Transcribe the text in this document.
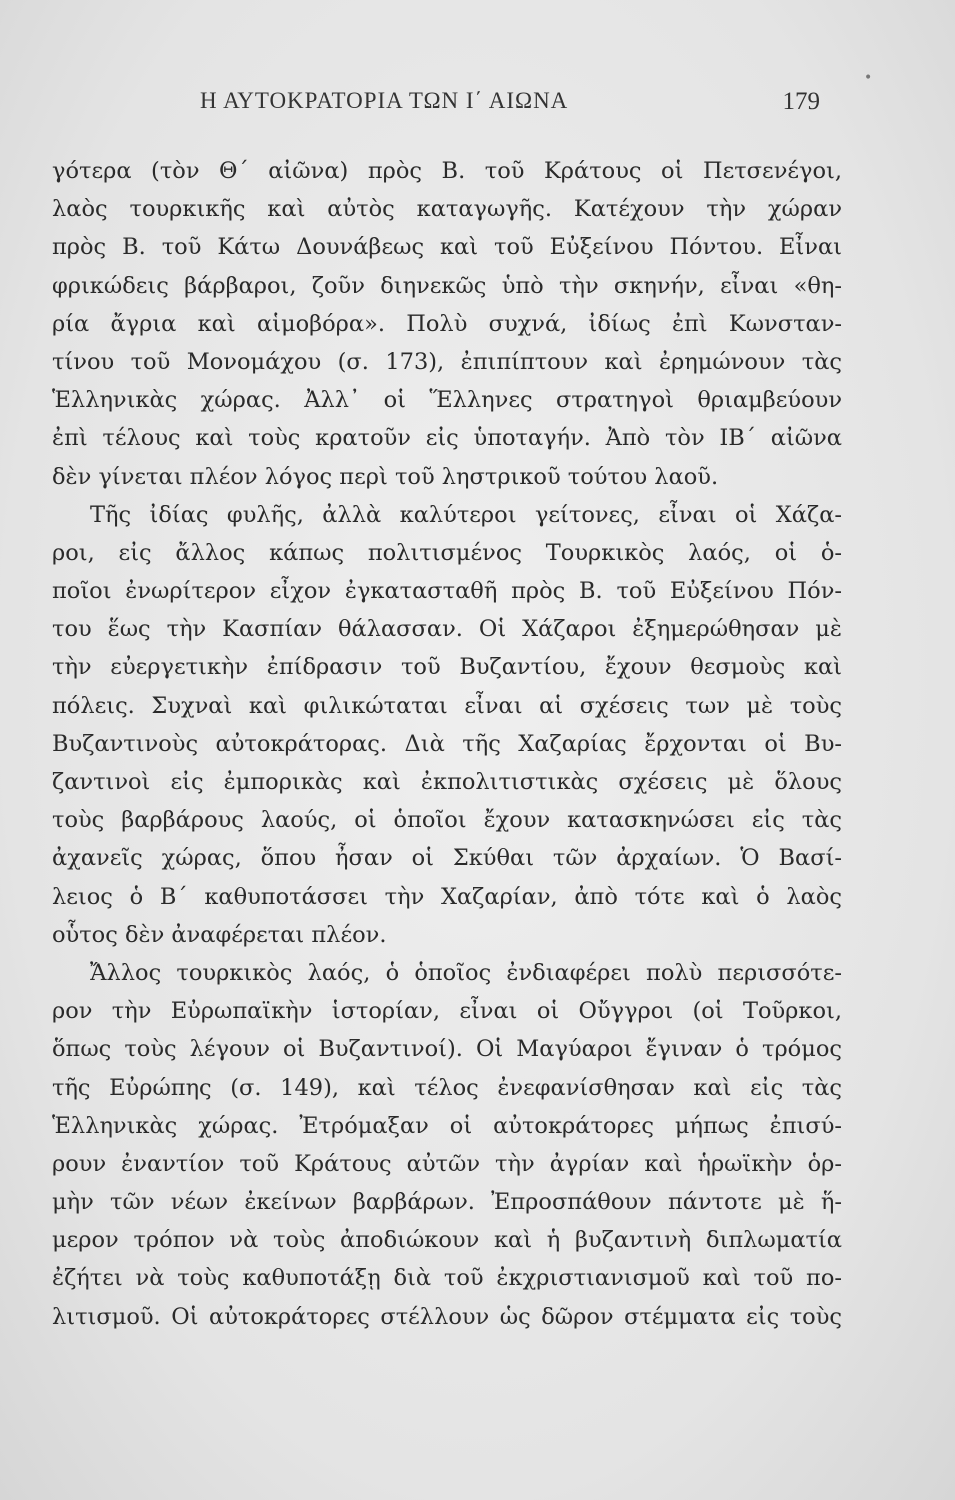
•
Η ΑΥΤΟΚΡΑΤΟΡΙΑ ΤΩΝ Ι΄ ΑΙΩΝΑ	179
γότερα (τὸν Θ΄ αἰῶνα) πρὸς Β. τοῦ Κράτους οἱ Πετσενέγοι,
λαὸς τουρκικῆς καὶ αὐτὸς καταγωγῆς. Κατέχουν τὴν χώραν
πρὸς Β. τοῦ Κάτω Δουνάβεως καὶ τοῦ Εὐξείνου Πόντου. Εἶναι
φρικώδεις βάρβαροι, ζοῦν διηνεκῶς ὑπὸ τὴν σκηνήν, εἶναι «θη-
ρία ἄγρια καὶ αἱμοβόρα». Πολὺ συχνά, ἰδίως ἐπὶ Κωνσταν-
τίνου τοῦ Μονομάχου (σ. 173), ἐπιπίπτουν καὶ ἐρημώνουν τὰς
Ἑλληνικὰς χώρας. Ἀλλ᾽ οἱ Ἕλληνες στρατηγοὶ θριαμβεύουν
ἐπὶ τέλους καὶ τοὺς κρατοῦν εἰς ὑποταγήν. Ἀπὸ τὸν ΙΒ΄ αἰῶνα
δὲν γίνεται πλέον λόγος περὶ τοῦ ληστρικοῦ τούτου λαοῦ.
Τῆς ἰδίας φυλῆς, ἀλλὰ καλύτεροι γείτονες, εἶναι οἱ Χάζα-
ροι, εἰς ἄλλος κάπως πολιτισμένος Τουρκικὸς λαός, οἱ ὁ-
ποῖοι ἐνωρίτερον εἶχον ἐγκατασταθῆ πρὸς Β. τοῦ Εὐξείνου Πόν-
του ἕως τὴν Κασπίαν θάλασσαν. Οἱ Χάζαροι ἐξημερώθησαν μὲ
τὴν εὐεργετικὴν ἐπίδρασιν τοῦ Βυζαντίου, ἔχουν θεσμοὺς καὶ
πόλεις. Συχναὶ καὶ φιλικώταται εἶναι αἱ σχέσεις των μὲ τοὺς
Βυζαντινοὺς αὐτοκράτορας. Διὰ τῆς Χαζαρίας ἔρχονται οἱ Βυ-
ζαντινοὶ εἰς ἐμπορικὰς καὶ ἐκπολιτιστικὰς σχέσεις μὲ ὅλους
τοὺς βαρβάρους λαούς, οἱ ὁποῖοι ἔχουν κατασκηνώσει εἰς τὰς
ἀχανεῖς χώρας, ὅπου ἦσαν οἱ Σκύθαι τῶν ἀρχαίων. Ὁ Βασί-
λειος ὁ Β΄ καθυποτάσσει τὴν Χαζαρίαν, ἀπὸ τότε καὶ ὁ λαὸς
οὗτος δὲν ἀναφέρεται πλέον.
Ἄλλος τουρκικὸς λαός, ὁ ὁποῖος ἐνδιαφέρει πολὺ περισσότε-
ρον τὴν Εὐρωπαϊκὴν ἱστορίαν, εἶναι οἱ Οὔγγροι (οἱ Τοῦρκοι,
ὅπως τοὺς λέγουν οἱ Βυζαντινοί). Οἱ Μαγύαροι ἔγιναν ὁ τρόμος
τῆς Εὐρώπης (σ. 149), καὶ τέλος ἐνεφανίσθησαν καὶ εἰς τὰς
Ἑλληνικὰς χώρας. Ἐτρόμαξαν οἱ αὐτοκράτορες μήπως ἐπισύ-
ρουν ἐναντίον τοῦ Κράτους αὐτῶν τὴν ἀγρίαν καὶ ἡρωϊκὴν ὁρ-
μὴν τῶν νέων ἐκείνων βαρβάρων. Ἐπροσπάθουν πάντοτε μὲ ἥ-
μερον τρόπον νὰ τοὺς ἀποδιώκουν καὶ ἡ βυζαντινὴ διπλωματία
ἐζήτει νὰ τοὺς καθυποτάξῃ διὰ τοῦ ἐκχριστιανισμοῦ καὶ τοῦ πο-
λιτισμοῦ. Οἱ αὐτοκράτορες στέλλουν ὡς δῶρον στέμματα εἰς τοὺς
